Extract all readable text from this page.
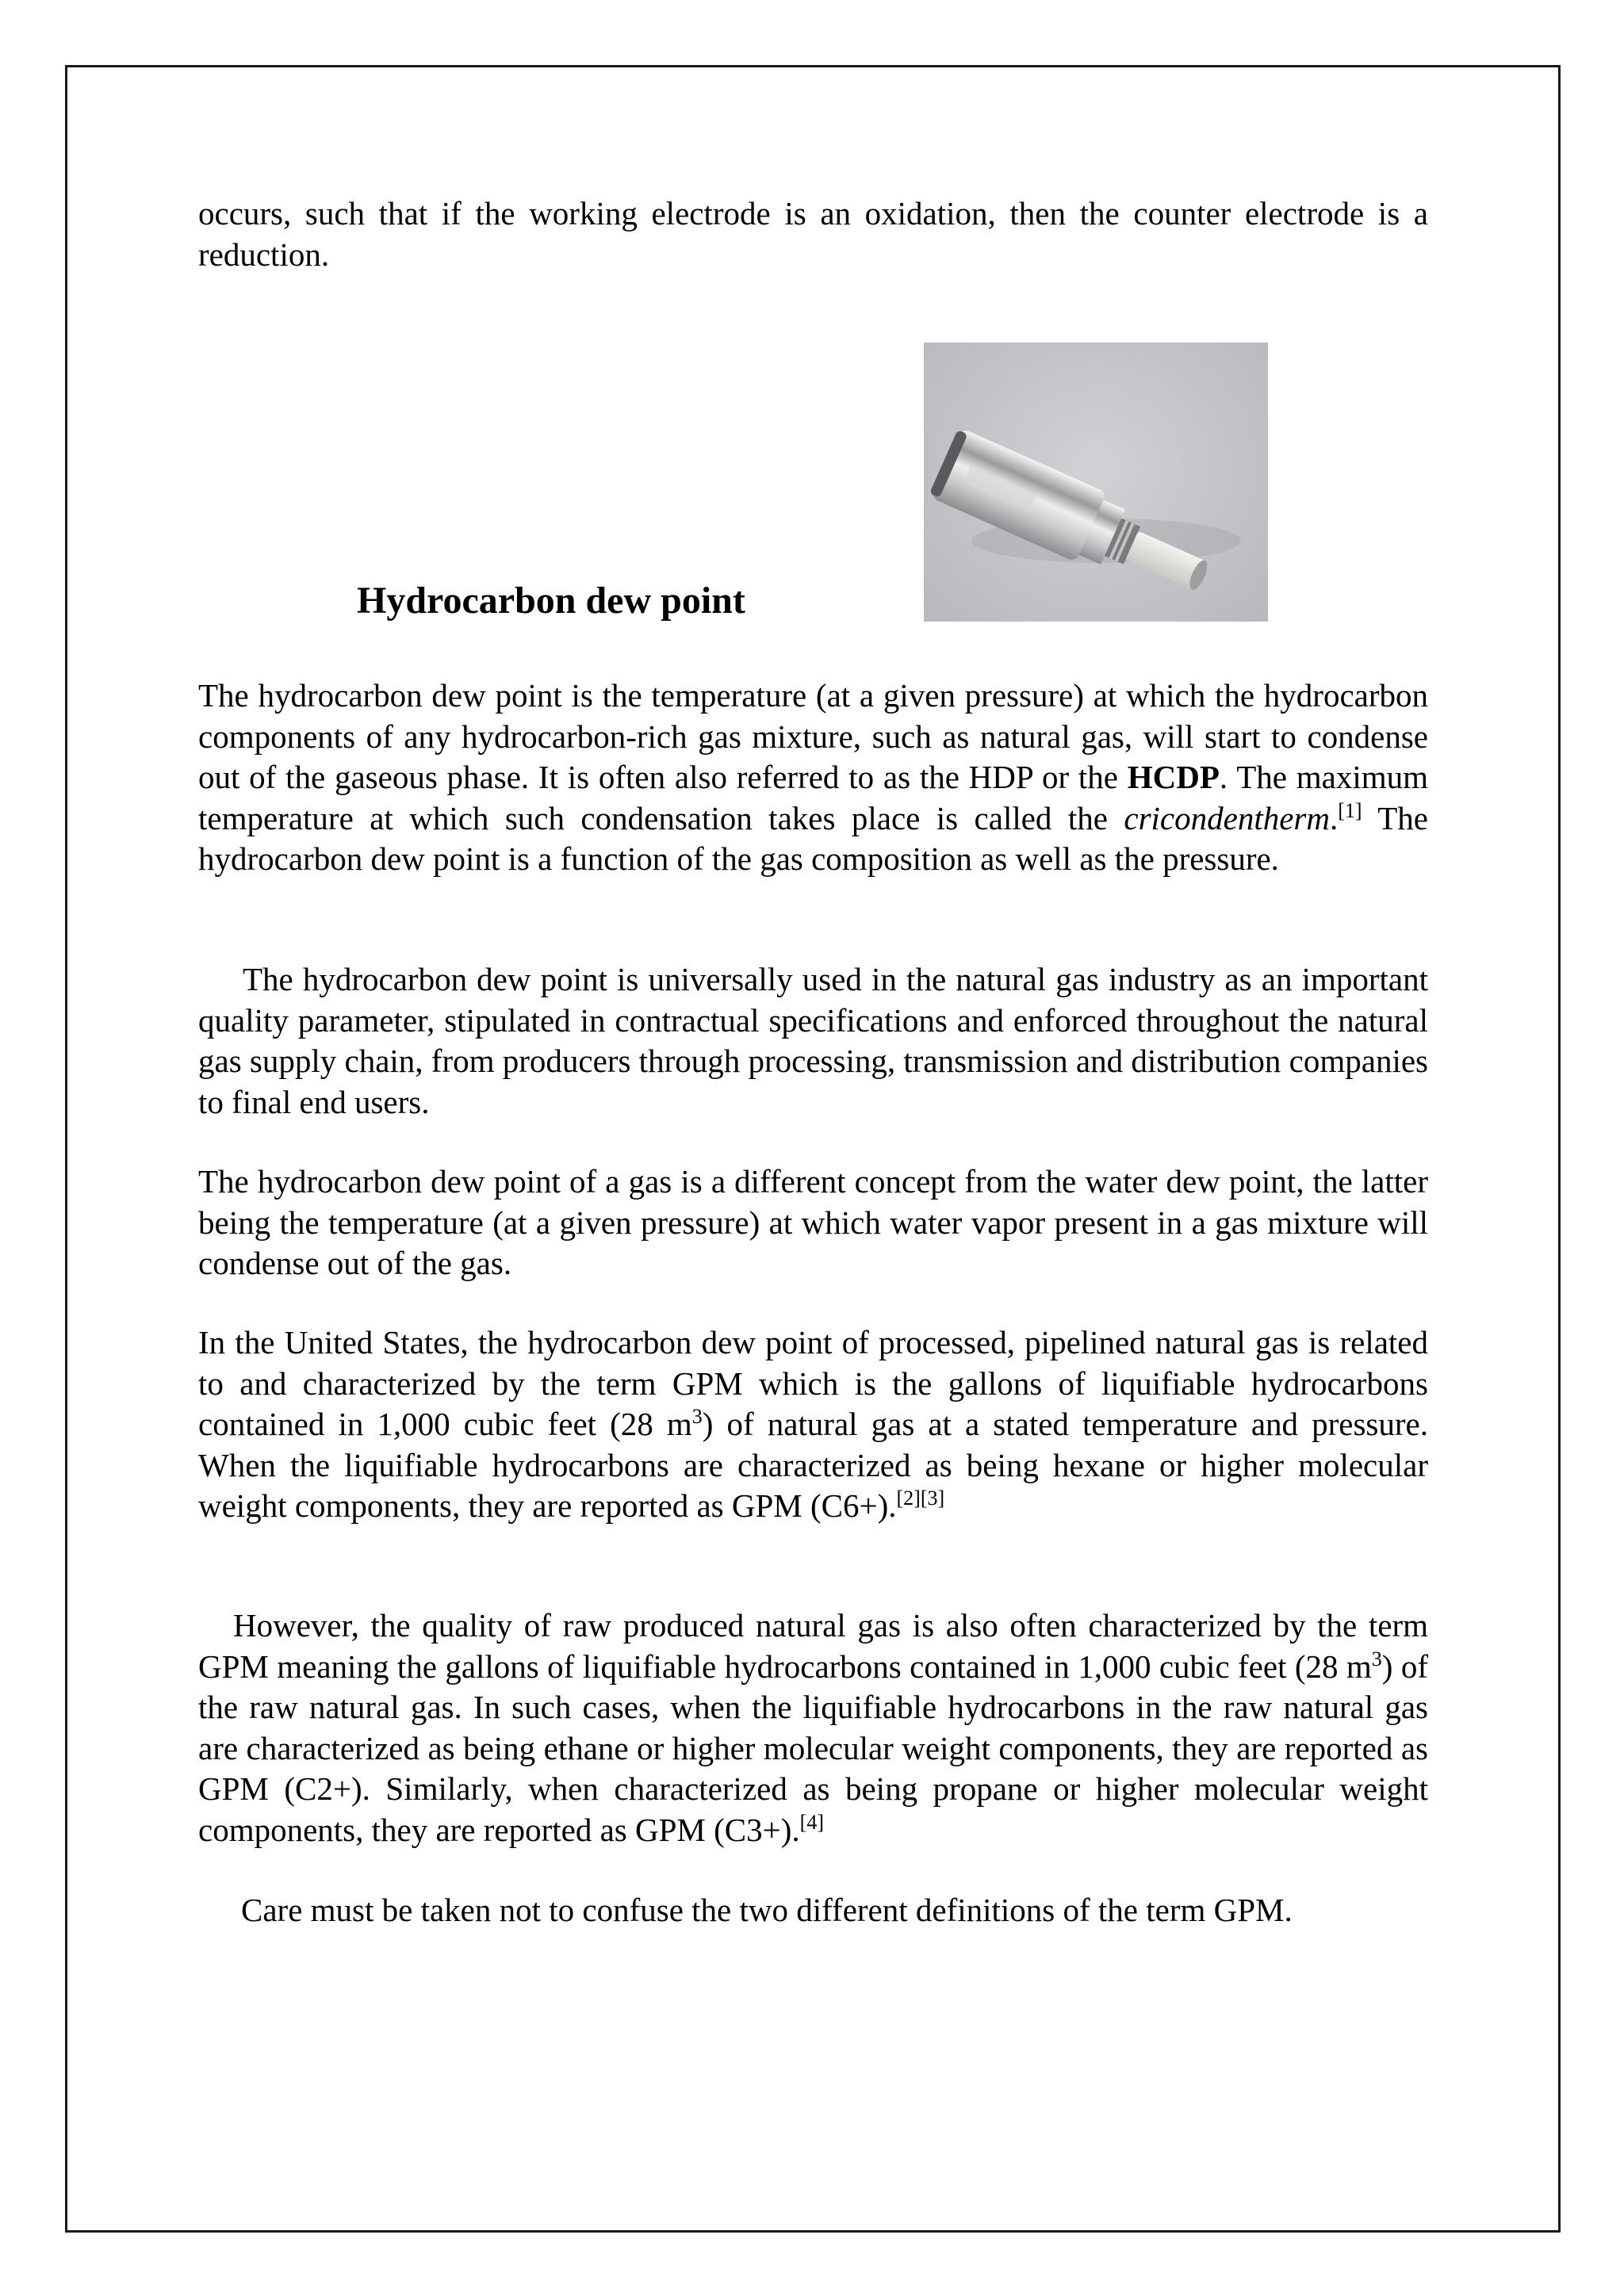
occurs, such that if the working electrode is an oxidation, then the counter electrode is a reduction.

Hydrocarbon dew point

The hydrocarbon dew point is the temperature (at a given pressure) at which the hydrocarbon components of any hydrocarbon-rich gas mixture, such as natural gas, will start to condense out of the gaseous phase. It is often also referred to as the HDP or the HCDP. The maximum temperature at which such condensation takes place is called the cricondentherm.[1] The hydrocarbon dew point is a function of the gas composition as well as the pressure.

The hydrocarbon dew point is universally used in the natural gas industry as an important quality parameter, stipulated in contractual specifications and enforced throughout the natural gas supply chain, from producers through processing, transmission and distribution companies to final end users.

The hydrocarbon dew point of a gas is a different concept from the water dew point, the latter being the temperature (at a given pressure) at which water vapor present in a gas mixture will condense out of the gas.

In the United States, the hydrocarbon dew point of processed, pipelined natural gas is related to and characterized by the term GPM which is the gallons of liquifiable hydrocarbons contained in 1,000 cubic feet (28 $m^3$) of natural gas at a stated temperature and pressure. When the liquifiable hydrocarbons are characterized as being hexane or higher molecular weight components, they are reported as GPM (C6+).[2][3]

However, the quality of raw produced natural gas is also often characterized by the term GPM meaning the gallons of liquifiable hydrocarbons contained in 1,000 cubic feet (28 $m^3$) of the raw natural gas. In such cases, when the liquifiable hydrocarbons in the raw natural gas are characterized as being ethane or higher molecular weight components, they are reported as GPM (C2+). Similarly, when characterized as being propane or higher molecular weight components, they are reported as GPM (C3+).[4]

Care must be taken not to confuse the two different definitions of the term GPM.
